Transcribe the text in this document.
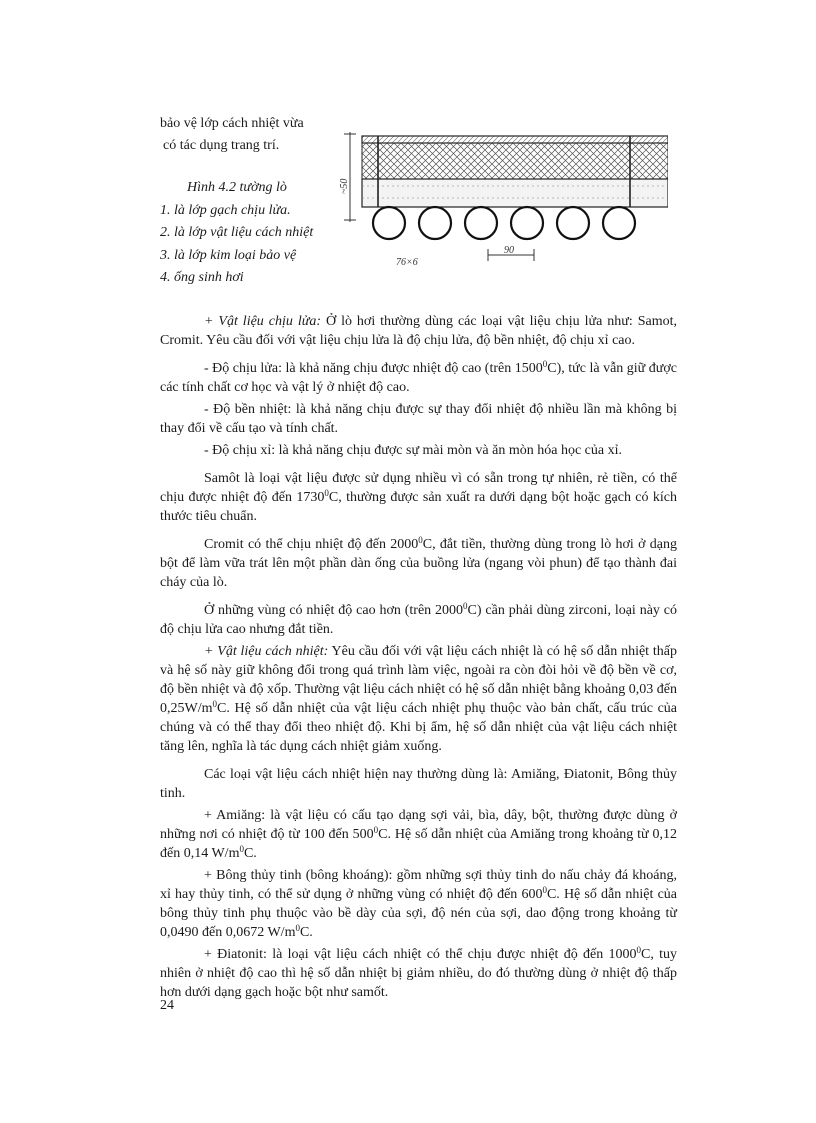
bảo vệ lớp cách nhiệt vừa

có tác dụng trang trí.

Hình 4.2 tường lò
1. là lớp gạch chịu lửa.
2. là lớp vật liệu cách nhiệt
3. là lớp kim loại bảo vệ
4. ống sinh hơi
~50
76×6
90

+ Vật liệu chịu lửa: Ở lò hơi thường dùng các loại vật liệu chịu lửa như: Samot, Cromit. Yêu cầu đối với vật liệu chịu lửa là độ chịu lửa, độ bền nhiệt, độ chịu xỉ cao.

- Độ chịu lửa: là khả năng chịu được nhiệt độ cao (trên 1500$^0$C), tức là vẫn giữ được các tính chất cơ học và vật lý ở nhiệt độ cao.

- Độ bền nhiệt: là khả năng chịu được sự thay đổi nhiệt độ nhiều lần mà không bị thay đổi về cấu tạo và tính chất.

- Độ chịu xỉ: là khả năng chịu được sự mài mòn và ăn mòn hóa học của xỉ.

Samôt là loại vật liệu được sử dụng nhiều vì có sẵn trong tự nhiên, rẻ tiền, có thể chịu được nhiệt độ đến 1730$^0$C, thường được sản xuất ra dưới dạng bột hoặc gạch có kích thước tiêu chuẩn.

Cromit có thể chịu nhiệt độ đến 2000$^0$C, đắt tiền, thường dùng trong lò hơi ở dạng bột để làm vữa trát lên một phần dàn ống của buồng lửa (ngang vòi phun) để tạo thành đai cháy của lò.

Ở những vùng có nhiệt độ cao hơn (trên 2000$^0$C) cần phải dùng zirconi, loại này có độ chịu lửa cao nhưng đắt tiền.

+ Vật liệu cách nhiệt: Yêu cầu đối với vật liệu cách nhiệt là có hệ số dẫn nhiệt thấp và hệ số này giữ không đổi trong quá trình làm việc, ngoài ra còn đòi hỏi về độ bền về cơ, độ bền nhiệt và độ xốp. Thường vật liệu cách nhiệt có hệ số dẫn nhiệt bằng khoảng 0,03 đến $0,25W/m^0C$. Hệ số dẫn nhiệt của vật liệu cách nhiệt phụ thuộc vào bản chất, cấu trúc của chúng và có thể thay đổi theo nhiệt độ. Khi bị ẩm, hệ số dẫn nhiệt của vật liệu cách nhiệt tăng lên, nghĩa là tác dụng cách nhiệt giảm xuống.

Các loại vật liệu cách nhiệt hiện nay thường dùng là: Amiăng, Điatonit, Bông thủy tinh.

+ Amiăng: là vật liệu có cấu tạo dạng sợi vải, bìa, dây, bột, thường được dùng ở những nơi có nhiệt độ từ 100 đến $500^0C$. Hệ số dẫn nhiệt của Amiăng trong khoảng từ 0,12 đến 0,14 $W/m^0C$.

+ Bông thủy tinh (bông khoáng): gồm những sợi thủy tinh do nấu chảy đá khoáng, xỉ hay thủy tinh, có thể sử dụng ở những vùng có nhiệt độ đến $600^0C$. Hệ số dẫn nhiệt của bông thủy tinh phụ thuộc vào bề dày của sợi, độ nén của sợi, dao động trong khoảng từ 0,0490 đến 0,0672 $W/m^0C$.

+ Điatonit: là loại vật liệu cách nhiệt có thể chịu được nhiệt độ đến 1000$^0$C, tuy nhiên ở nhiệt độ cao thì hệ số dẫn nhiệt bị giảm nhiều, do đó thường dùng ở nhiệt độ thấp hơn dưới dạng gạch hoặc bột như samốt.

24
